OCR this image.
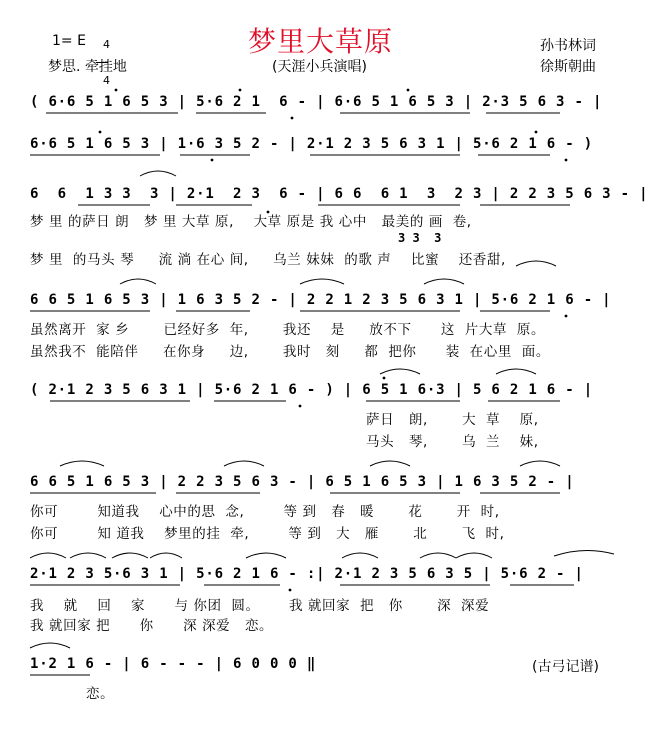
梦里大草原
1= E	4

4

梦思. 牵挂地	(天涯小兵演唱)
孙书林词
徐斯朝曲
( 6·6 5 1 6 5 3 | 5·6 2 1  6 - | 6·6 5 1 6 5 3 | 2·3 5 6 3 - |
6·6 5 1 6 5 3 | 1·6 3 5 2 - | 2·1 2 3 5 6 3 1 | 5·6 2 1 6 - )
6  6  1 3 3  3 | 2·1  2 3  6 - | 6 6  6 1  3  2 3 | 2 2 3 5 6 3 - |
梦 里 的萨日 朗   梦 里 大草 原,    大草 原是 我 心中   最美的 画  卷,
3 3  3
梦 里  的马头 琴     流 淌 在心 间,     乌兰 妹妹  的歌 声    比蜜    还香甜,
6 6 5 1 6 5 3 | 1 6 3 5 2 - | 2 2 1 2 3 5 6 3 1 | 5·6 2 1 6 - |
虽然离开  家 乡       已经好多  年,       我还    是     放不下      这  片大草  原。
虽然我不  能陪伴     在你身     边,       我时   刻     都  把你      装  在心里  面。
( 2·1 2 3 5 6 3 1 | 5·6 2 1 6 - ) | 6 5 1 6·3 | 5 6 2 1 6 - |
萨日   朗,       大  草    原,
马头   琴,       乌  兰    妹,
6 6 5 1 6 5 3 | 2 2 3 5 6 3 - | 6 5 1 6 5 3 | 1 6 3 5 2 - |
你可        知道我    心中的思  念,        等 到   春   暖       花       开  时,
你可        知 道我    梦里的挂  牵,        等 到   大   雁       北       飞  时,
2·1 2 3 5·6 3 1 | 5·6 2 1 6 - :| 2·1 2 3 5 6 3 5 | 5·6 2 - |
我    就    回    家      与 你团  圆。      我 就回家  把   你       深  深爱
我 就回家 把      你      深 深爱   恋。
1·2 1 6 - | 6 - - - | 6 0 0 0 ‖
恋。
(古弓记谱)
